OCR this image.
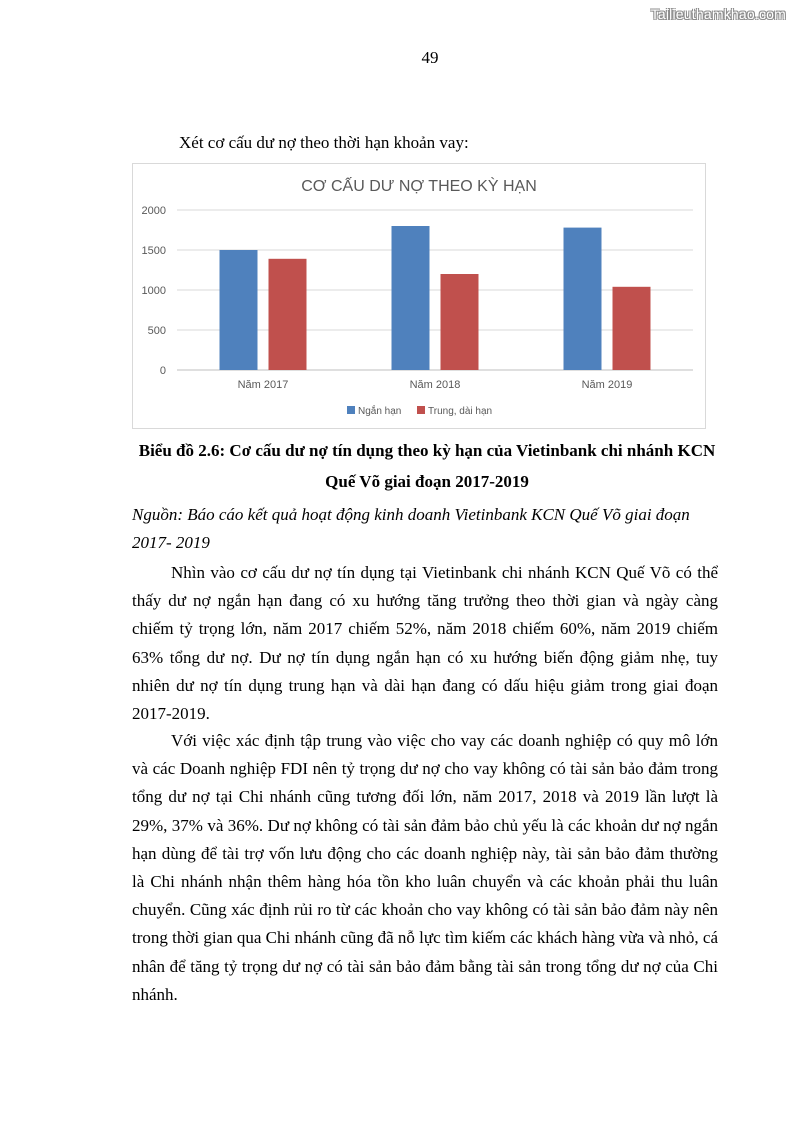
Tailieuthamkhao.com
49
Xét cơ cấu dư nợ theo thời hạn khoản vay:
CƠ CẤU DƯ NỢ THEO KỲ HẠN
0
500
1000
1500
2000
Năm 2017	Năm 2018	Năm 2019
Ngắn hạn	Trung, dài hạn
Biểu đồ 2.6: Cơ cấu dư nợ tín dụng theo kỳ hạn của Vietinbank chi nhánh KCN
Quế Võ giai đoạn 2017-2019
Nguồn: Báo cáo kết quả hoạt động kinh doanh Vietinbank KCN Quế Võ giai đoạn
2017- 2019

Nhìn vào cơ cấu dư nợ tín dụng tại Vietinbank chi nhánh KCN Quế Võ có thể thấy dư nợ ngắn hạn đang có xu hướng tăng trưởng theo thời gian và ngày càng chiếm tỷ trọng lớn, năm 2017 chiếm 52%, năm 2018 chiếm 60%, năm 2019 chiếm 63% tổng dư nợ. Dư nợ tín dụng ngắn hạn có xu hướng biến động giảm nhẹ, tuy nhiên dư nợ tín dụng trung hạn và dài hạn đang có dấu hiệu giảm trong giai đoạn 2017-2019.

Với việc xác định tập trung vào việc cho vay các doanh nghiệp có quy mô lớn và các Doanh nghiệp FDI nên tỷ trọng dư nợ cho vay không có tài sản bảo đảm trong tổng dư nợ tại Chi nhánh cũng tương đối lớn, năm 2017, 2018 và 2019 lần lượt là 29%, 37% và 36%. Dư nợ không có tài sản đảm bảo chủ yếu là các khoản dư nợ ngắn hạn dùng để tài trợ vốn lưu động cho các doanh nghiệp này, tài sản bảo đảm thường là Chi nhánh nhận thêm hàng hóa tồn kho luân chuyển và các khoản phải thu luân chuyển. Cũng xác định rủi ro từ các khoản cho vay không có tài sản bảo đảm này nên trong thời gian qua Chi nhánh cũng đã nỗ lực tìm kiếm các khách hàng vừa và nhỏ, cá nhân để tăng tỷ trọng dư nợ có tài sản bảo đảm bằng tài sản trong tổng dư nợ của Chi nhánh.
